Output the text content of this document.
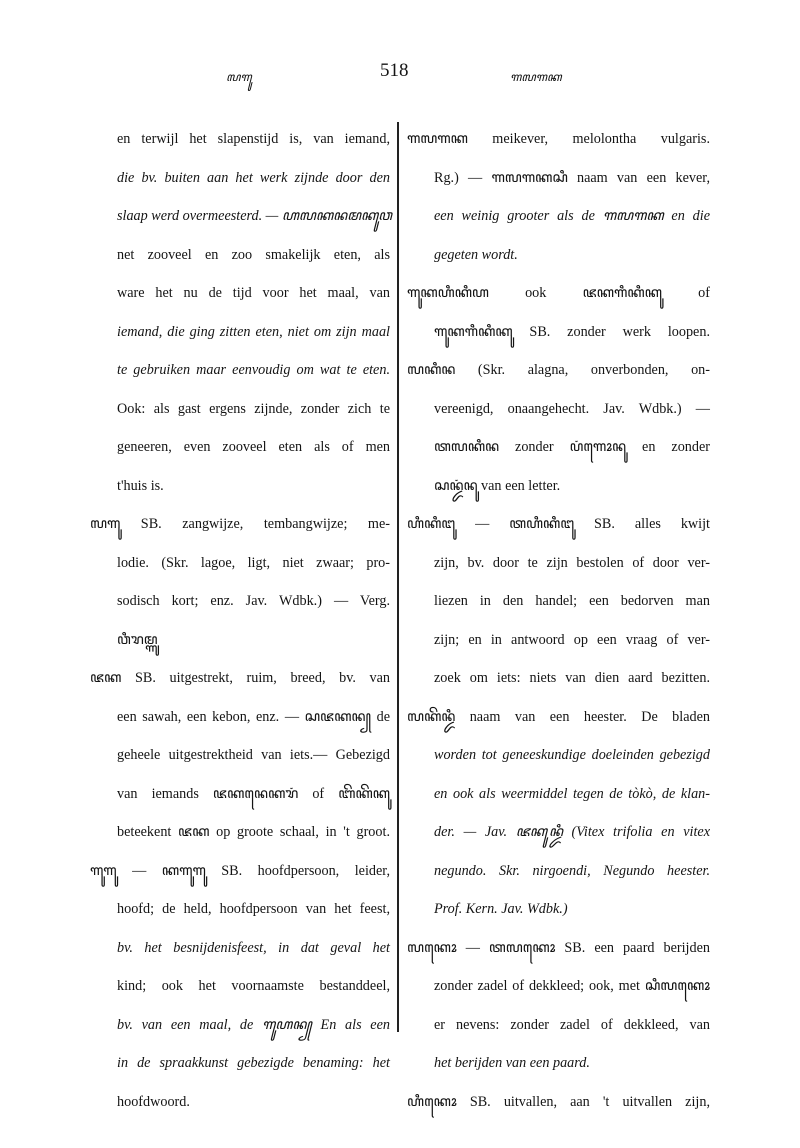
ꦭꦒꦸ	518	ꦒꦭꦒꦏ
en terwijl het slapenstijd is, van iemand,
die bv. buiten aan het werk zijnde door den
slaap werd overmeesterd. — ꦲꦭꦏꦤꦩꦏꦸꦮ
net zooveel en zoo smakelijk eten, als
ware het nu de tijd voor het maal, van
iemand, die ging zitten eten, niet om zijn maal
te gebruiken maar eenvoudig om wat te eten.
Ook: als gast ergens zijnde, zonder zich te
geneeren, even zooveel eten als of men
t'huis is.
ꦭꦒꦸ SB. zangwijze, tembangwijze; me-
lodie. (Skr. lagoe, ligt, niet zwaar; pro-
sodisch kort; enz. Jav. Wdbk.) — Verg.
ꦮꦶꦫꦩ꧀ꦒꦸ
ꦗꦏ SB. uitgestrekt, ruim, breed, bv. van
een sawah, een kebon, enz. — ꦱꦗꦏꦤ꧀ de
geheele uitgestrektheid van iets.— Gebezigd
van iemands ꦗꦏꦤꦺꦏꦫꦁ of ꦧꦼꦏꦼꦏꦸ
beteekent ꦗꦏ op groote schaal, in 't groot.
ꦒꦸꦒꦸ — ꦏꦒꦸꦒꦸ SB. hoofdpersoon, leider,
hoofd; de held, hoofdpersoon van het feest,
bv. het besnijdenisfeest, in dat geval het
kind; ook het voornaamste bestanddeel,
bv. van een maal, de ꦒꦸꦲꦤ꧀ En als een
in de spraakkunst gebezigde benaming: het
hoofdwoord.
ꦒꦭꦒꦏ meikever, melolontha vulgaris.
Rg.) — ꦒꦭꦒꦏꦱꦶ naam van een kever,
een weinig grooter als de ꦒꦭꦒꦏ en die
gegeten wordt.
ꦒꦸꦏꦲꦶꦏꦶꦲ ook ꦗꦏꦒꦶꦏꦶꦏꦸ of
ꦒꦸꦏꦒꦶꦏꦶꦏꦸ SB. zonder werk loopen.
ꦭꦏꦶꦤ (Skr. alagna, onverbonden, on-
vereenigd, onaangehecht. Jav. Wdbk.) —
ꦠꦭꦏꦶꦤ zonder ꦥꦁꦒꦺꦴꦤꦸ en zonder
ꦱꦤ꧀ꦢꦁꦤꦸ van een letter.
ꦲꦶꦏꦶꦔꦸ — ꦠꦲꦶꦏꦶꦔꦸ SB. alles kwijt
zijn, bv. door te zijn bestolen of door ver-
liezen in den handel; een bedorven man
zijn; en in antwoord op een vraag of ver-
zoek om iets: niets van dien aard bezitten.
ꦭꦏꦼꦤ꧀ꦢꦶ naam van een heester. De bladen
worden tot geneeskundige doeleinden gebezigd
en ook als weermiddel tegen de tòkò, de klan-
der. — Jav. ꦗꦏꦸꦤ꧀ꦢꦶ (Vitex trifolia en vitex
negundo. Skr. nirgoendi, Negundo heester.
Prof. Kern. Jav. Wdbk.)
ꦭꦏꦺꦴ — ꦠꦭꦏꦺꦴ SB. een paard berijden
zonder zadel of dekkleed; ook, met ꦱꦶꦭꦏꦺꦴ
er nevens: zonder zadel of dekkleed, van
het berijden van een paard.
ꦲꦶꦏꦺꦴ SB. uitvallen, aan 't uitvallen zijn,
